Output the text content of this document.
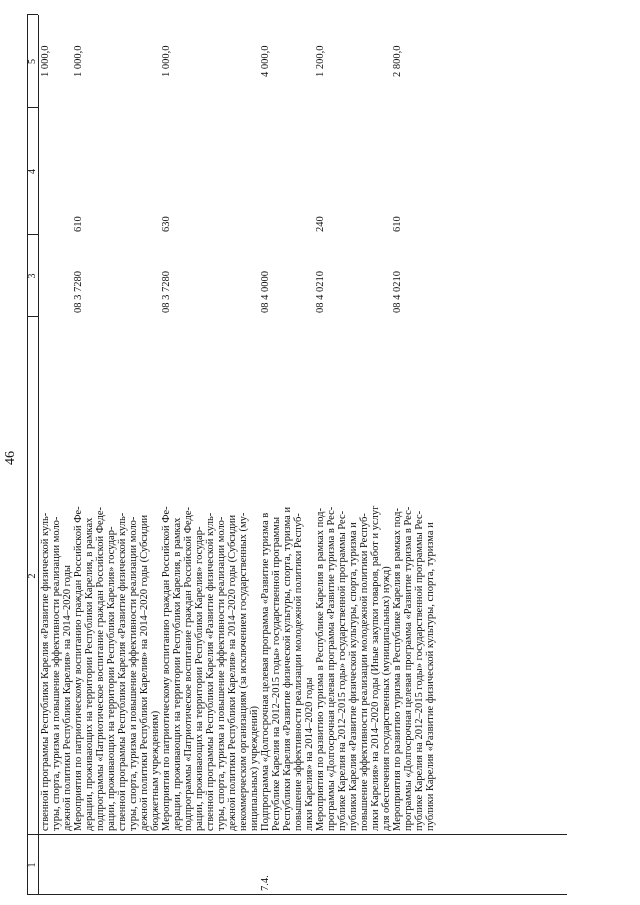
46
1
2
3
4
5
ственной программы Республики Карелия «Развитие физической куль-
туры, спорта, туризма и повышение эффективности реализации моло-
дежной политики Республики Карелия» на 2014–2020 годы
1 000,0
Мероприятия по патриотическому воспитанию граждан Российской Фе-
дерации, проживающих на территории Республики Карелия, в рамках
подпрограммы «Патриотическое воспитание граждан Российской Феде-
рации, проживающих на территории Республики Карелия» государ-
ственной программы Республики Карелия «Развитие физической куль-
туры, спорта, туризма и повышение эффективности реализации моло-
дежной политики Республики Карелия» на 2014–2020 годы (Субсидии
бюджетным учреждениям)
08 3 7280
610
1 000,0
Мероприятия по патриотическому воспитанию граждан Российской Фе-
дерации, проживающих на территории Республики Карелия, в рамках
подпрограммы «Патриотическое воспитание граждан Российской Феде-
рации, проживающих на территории Республики Карелия» государ-
ственной программы Республики Карелия «Развитие физической куль-
туры, спорта, туризма и повышение эффективности реализации моло-
дежной политики Республики Карелия» на 2014–2020 годы (Субсидии
некоммерческим организациям (за исключением государственных (му-
ниципальных) учреждений)
08 3 7280
630
1 000,0
7.4.
Подпрограмма «Долгосрочная целевая программа «Развитие туризма в
Республике Карелия на 2012–2015 годы» государственной программы
Республики Карелия «Развитие физической культуры, спорта, туризма и
повышение эффективности реализации молодежной политики Респуб-
лики Карелия» на 2014–2020 годы
08 4 0000
4 000,0
Мероприятия по развитию туризма в Республике Карелия в рамках под-
программы «Долгосрочная целевая программа «Развитие туризма в Рес-
публике Карелия на 2012–2015 годы» государственной программы Рес-
публики Карелия «Развитие физической культуры, спорта, туризма и
повышение эффективности реализации молодежной политики Респуб-
лики Карелия» на 2014–2020 годы (Иные закупки товаров, работ и услуг
для обеспечения государственных (муниципальных) нужд)
08 4 0210
240
1 200,0
Мероприятия по развитию туризма в Республике Карелия в рамках под-
программы «Долгосрочная целевая программа «Развитие туризма в Рес-
публике Карелия на 2012–2015 годы» государственной программы Рес-
публики Карелия «Развитие физической культуры, спорта, туризма и
08 4 0210
610
2 800,0
